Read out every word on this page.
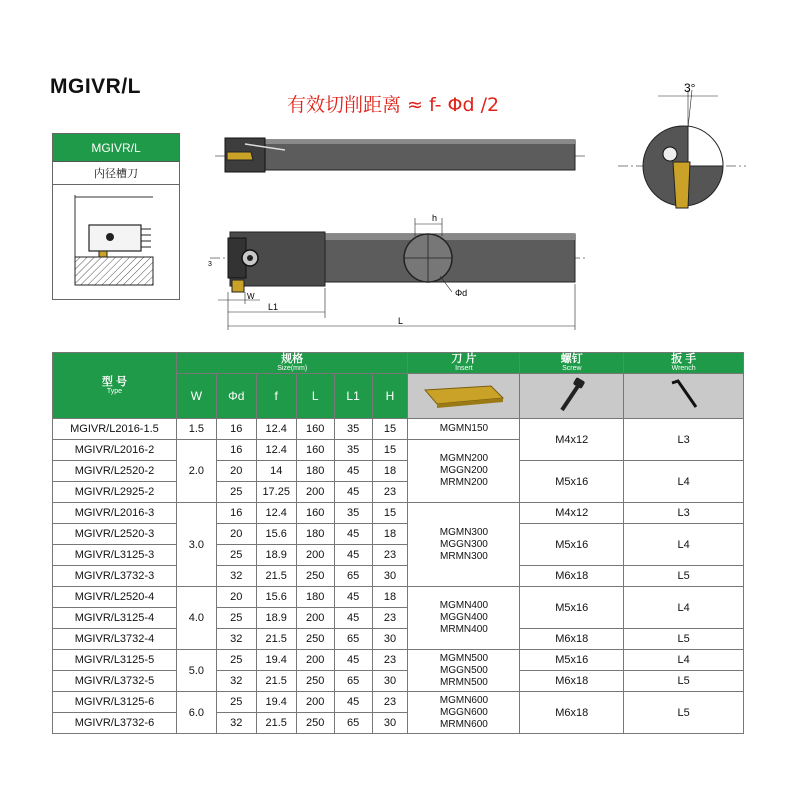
MGIVR/L
有效切削距离 ≈ f- Φd /2
MGIVR/L
内径槽刀
h
Φd
W
L1
L
3
3°
型 号
Type	规格
Size(mm)						刀 片
Insert	螺钉
Screw	扳 手
Wrench

	W	Φd	f	L	L1	H			
MGIVR/L2016-1.5	1.5	16	12.4	160	35	15	MGMN150	M4x12	L3
MGIVR/L2016-2	2.0	16	12.4	160	35	15	MGMN200
MGGN200
MRMN200		
MGIVR/L2520-2		20	14	180	45	18		M5x16	L4
MGIVR/L2925-2		25	17.25	200	45	23			
MGIVR/L2016-3	3.0	16	12.4	160	35	15	MGMN300
MGGN300
MRMN300	M4x12	L3
MGIVR/L2520-3		20	15.6	180	45	18		M5x16	L4
MGIVR/L3125-3		25	18.9	200	45	23			
MGIVR/L3732-3		32	21.5	250	65	30		M6x18	L5
MGIVR/L2520-4	4.0	20	15.6	180	45	18	MGMN400
MGGN400
MRMN400	M5x16	L4
MGIVR/L3125-4		25	18.9	200	45	23			
MGIVR/L3732-4		32	21.5	250	65	30		M6x18	L5
MGIVR/L3125-5	5.0	25	19.4	200	45	23	MGMN500
MGGN500
MRMN500	M5x16	L4
MGIVR/L3732-5		32	21.5	250	65	30		M6x18	L5
MGIVR/L3125-6	6.0	25	19.4	200	45	23	MGMN600
MGGN600
MRMN600	M6x18	L5
MGIVR/L3732-6		32	21.5	250	65	30			
